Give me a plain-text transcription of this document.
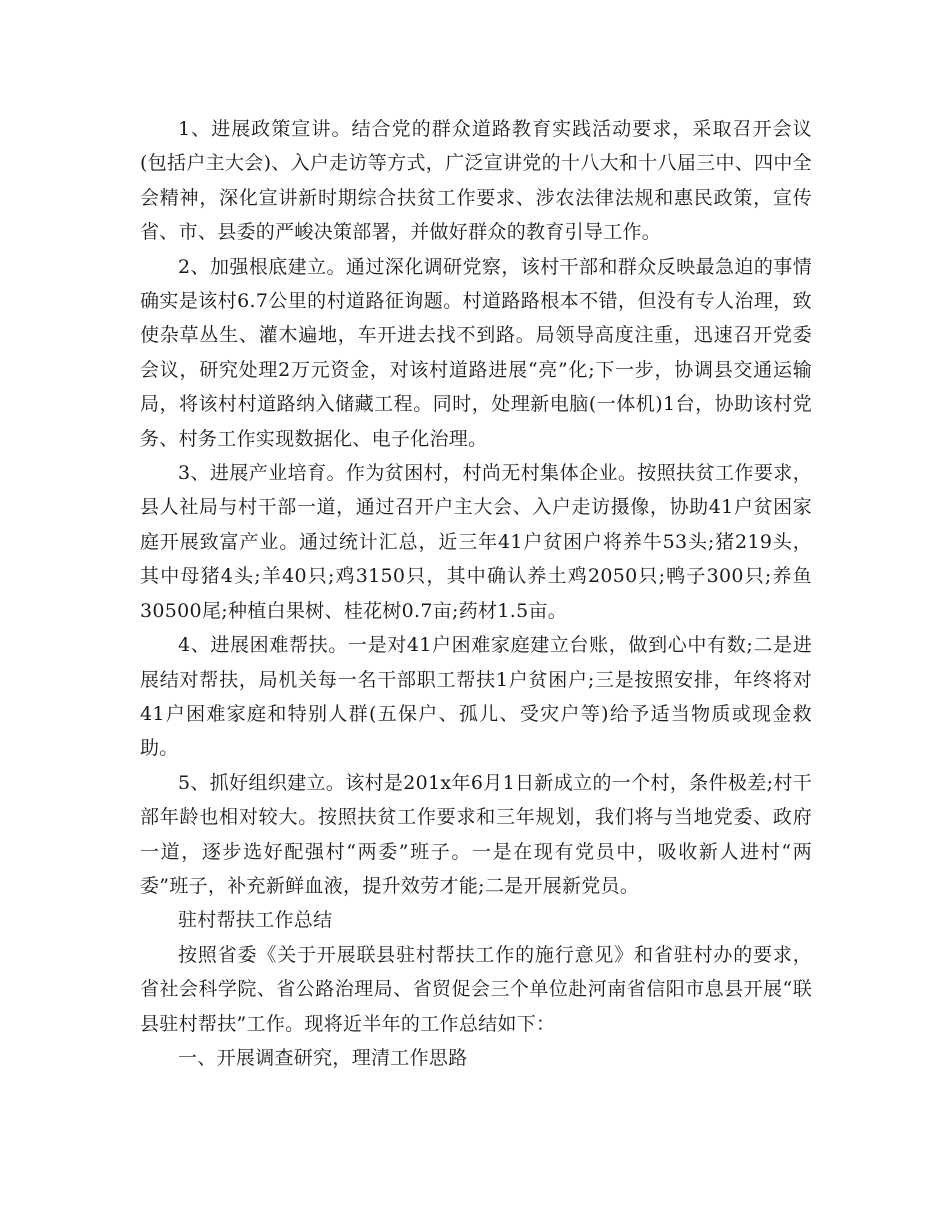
1、进展政策宣讲。结合党的群众道路教育实践活动要求，采取召开会议(包括户主大会)、入户走访等方式，广泛宣讲党的十八大和十八届三中、四中全会精神，深化宣讲新时期综合扶贫工作要求、涉农法律法规和惠民政策，宣传省、市、县委的严峻决策部署，并做好群众的教育引导工作。

2、加强根底建立。通过深化调研党察，该村干部和群众反映最急迫的事情确实是该村6.7公里的村道路征询题。村道路路根本不错，但没有专人治理，致使杂草丛生、灌木遍地，车开进去找不到路。局领导高度注重，迅速召开党委会议，研究处理2万元资金，对该村道路进展“亮”化;下一步，协调县交通运输局，将该村村道路纳入储藏工程。同时，处理新电脑(一体机)1台，协助该村党务、村务工作实现数据化、电子化治理。

3、进展产业培育。作为贫困村，村尚无村集体企业。按照扶贫工作要求，县人社局与村干部一道，通过召开户主大会、入户走访摄像，协助41户贫困家庭开展致富产业。通过统计汇总，近三年41户贫困户将养牛53头;猪219头，其中母猪4头;羊40只;鸡3150只，其中确认养土鸡2050只;鸭子300只;养鱼30500尾;种植白果树、桂花树0.7亩;药材1.5亩。

4、进展困难帮扶。一是对41户困难家庭建立台账，做到心中有数;二是进展结对帮扶，局机关每一名干部职工帮扶1户贫困户;三是按照安排，年终将对41户困难家庭和特别人群(五保户、孤儿、受灾户等)给予适当物质或现金救助。

5、抓好组织建立。该村是201x年6月1日新成立的一个村，条件极差;村干部年龄也相对较大。按照扶贫工作要求和三年规划，我们将与当地党委、政府一道，逐步选好配强村“两委”班子。一是在现有党员中，吸收新人进村“两委”班子，补充新鲜血液，提升效劳才能;二是开展新党员。

驻村帮扶工作总结

按照省委《关于开展联县驻村帮扶工作的施行意见》和省驻村办的要求，省社会科学院、省公路治理局、省贸促会三个单位赴河南省信阳市息县开展“联县驻村帮扶”工作。现将近半年的工作总结如下：

一、开展调查研究，理清工作思路
